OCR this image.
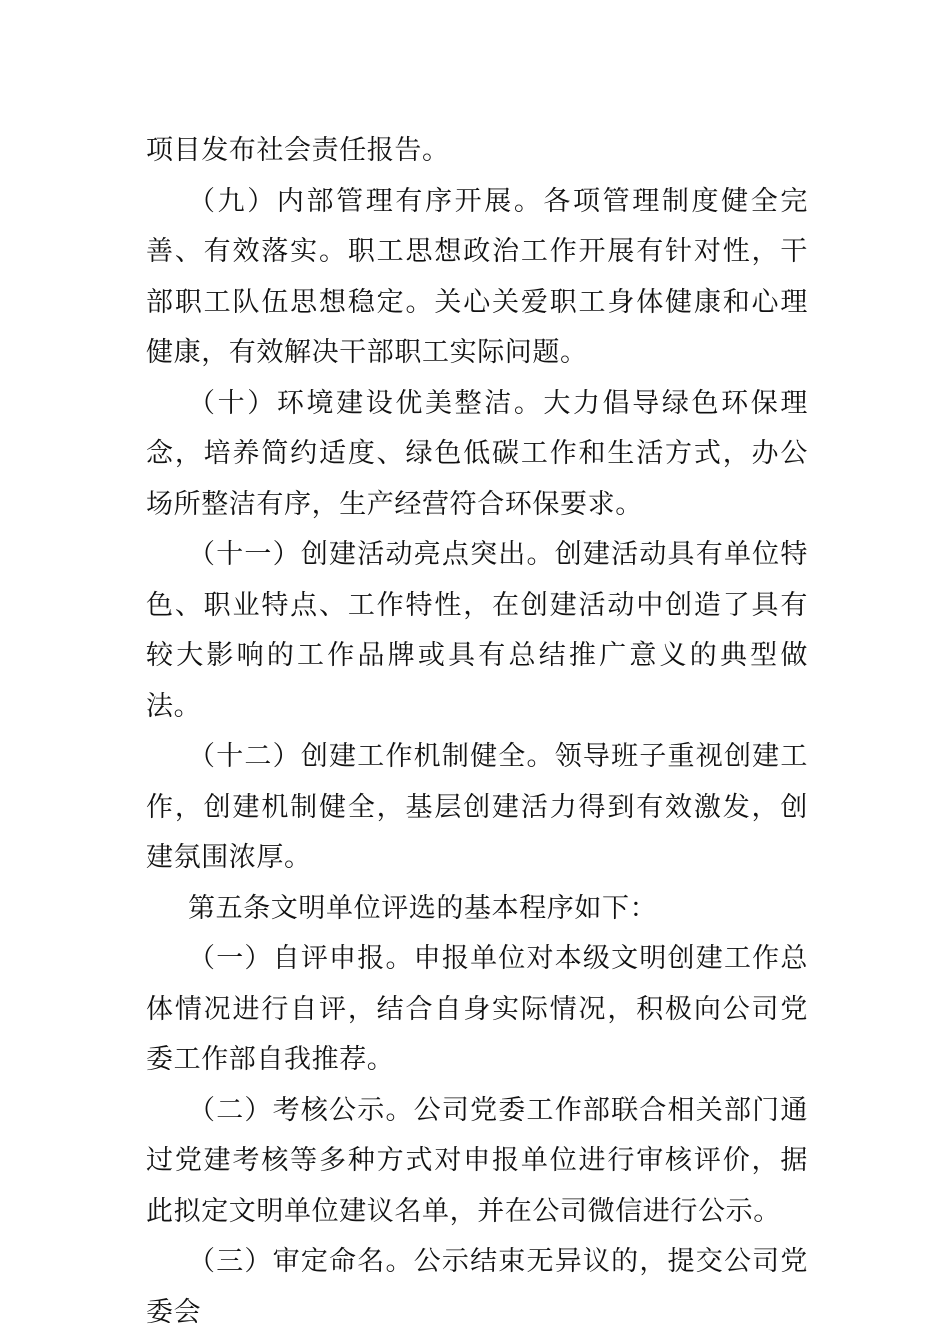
项目发布社会责任报告。

（九）内部管理有序开展。各项管理制度健全完善、有效落实。职工思想政治工作开展有针对性，干部职工队伍思想稳定。关心关爱职工身体健康和心理健康，有效解决干部职工实际问题。

（十）环境建设优美整洁。大力倡导绿色环保理念，培养简约适度、绿色低碳工作和生活方式，办公场所整洁有序，生产经营符合环保要求。

（十一）创建活动亮点突出。创建活动具有单位特色、职业特点、工作特性，在创建活动中创造了具有较大影响的工作品牌或具有总结推广意义的典型做法。

（十二）创建工作机制健全。领导班子重视创建工作，创建机制健全，基层创建活力得到有效激发，创建氛围浓厚。

第五条文明单位评选的基本程序如下：

（一）自评申报。申报单位对本级文明创建工作总体情况进行自评，结合自身实际情况，积极向公司党委工作部自我推荐。

（二）考核公示。公司党委工作部联合相关部门通过党建考核等多种方式对申报单位进行审核评价，据此拟定文明单位建议名单，并在公司微信进行公示。

（三）审定命名。公示结束无异议的，提交公司党委会
